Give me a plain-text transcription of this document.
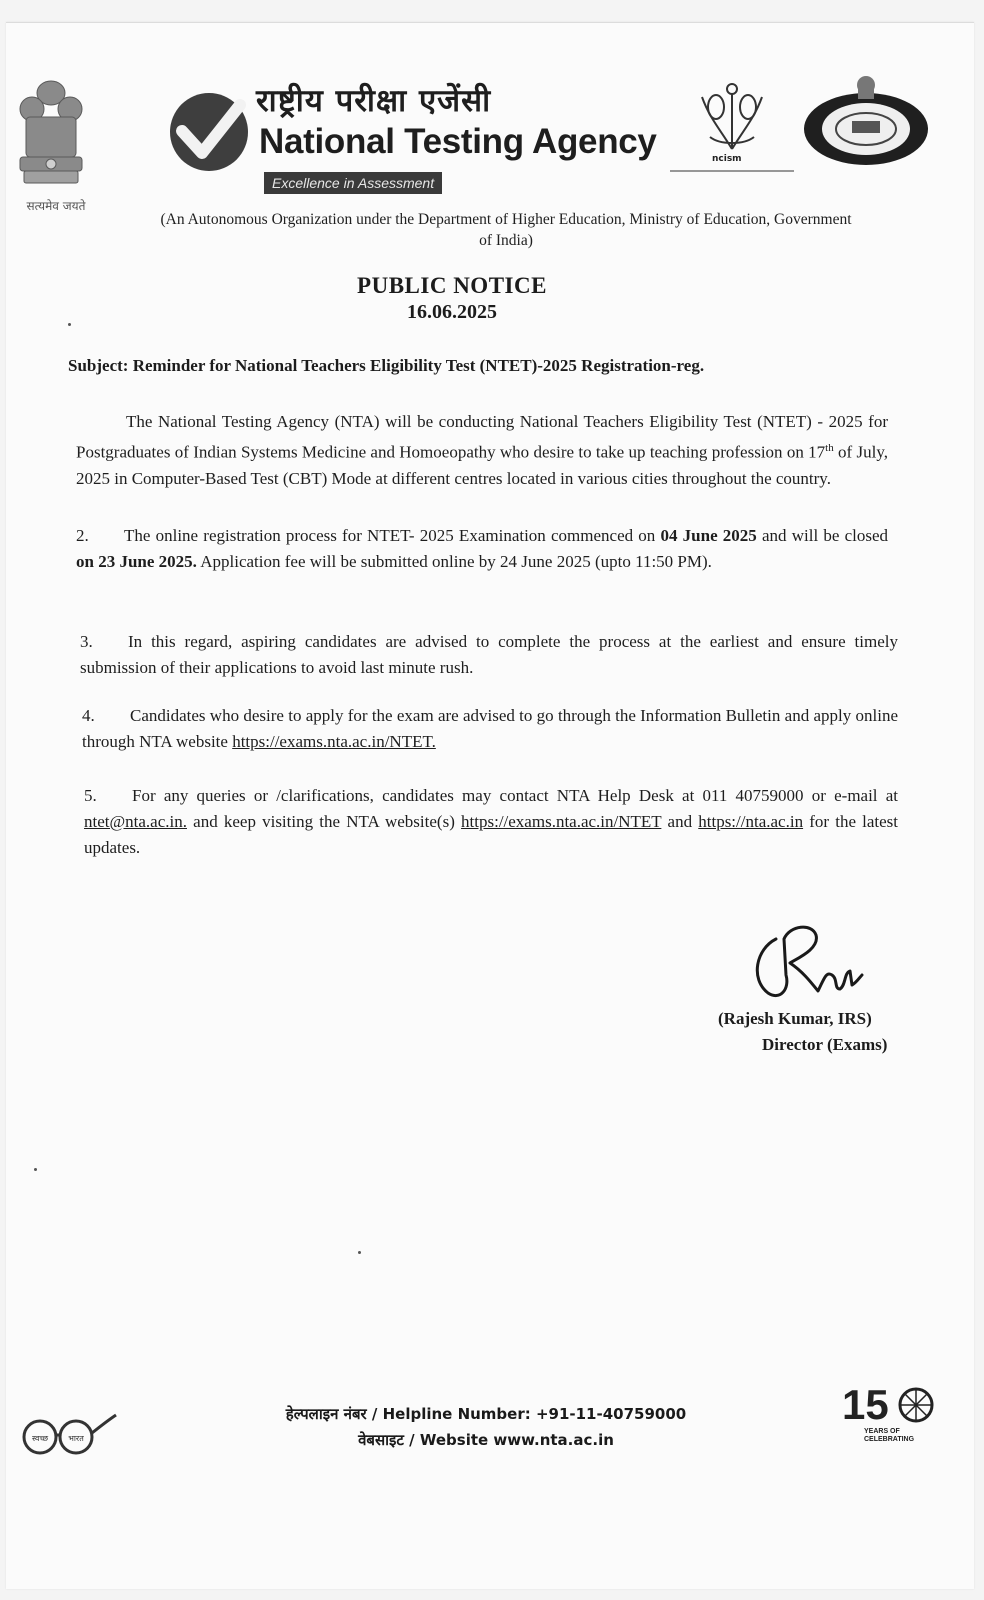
सत्यमेव जयते
राष्ट्रीय परीक्षा एजेंसी
National Testing Agency
Excellence in Assessment
ncism
(An Autonomous Organization under the Department of Higher Education, Ministry of Education, Government of India)
PUBLIC NOTICE
16.06.2025
Subject: Reminder for National Teachers Eligibility Test (NTET)-2025 Registration-reg.
The National Testing Agency (NTA) will be conducting National Teachers Eligibility Test (NTET) - 2025 for Postgraduates of Indian Systems Medicine and Homoeopathy who desire to take up teaching profession on 17th of July, 2025 in Computer-Based Test (CBT) Mode at different centres located in various cities throughout the country.
2. The online registration process for NTET- 2025 Examination commenced on 04 June 2025 and will be closed on 23 June 2025. Application fee will be submitted online by 24 June 2025 (upto 11:50 PM).
3. In this regard, aspiring candidates are advised to complete the process at the earliest and ensure timely submission of their applications to avoid last minute rush.
4. Candidates who desire to apply for the exam are advised to go through the Information Bulletin and apply online through NTA website https://exams.nta.ac.in/NTET.
5. For any queries or /clarifications, candidates may contact NTA Help Desk at 011 40759000 or e-mail at ntet@nta.ac.in. and keep visiting the NTA website(s) https://exams.nta.ac.in/NTET and https://nta.ac.in for the latest updates.
(Rajesh Kumar, IRS)
Director (Exams)
स्वच्छ	भारत
हेल्पलाइन नंबर / Helpline Number: +91-11-40759000
वेबसाइट / Website www.nta.ac.in
15
YEARS OF
CELEBRATING
